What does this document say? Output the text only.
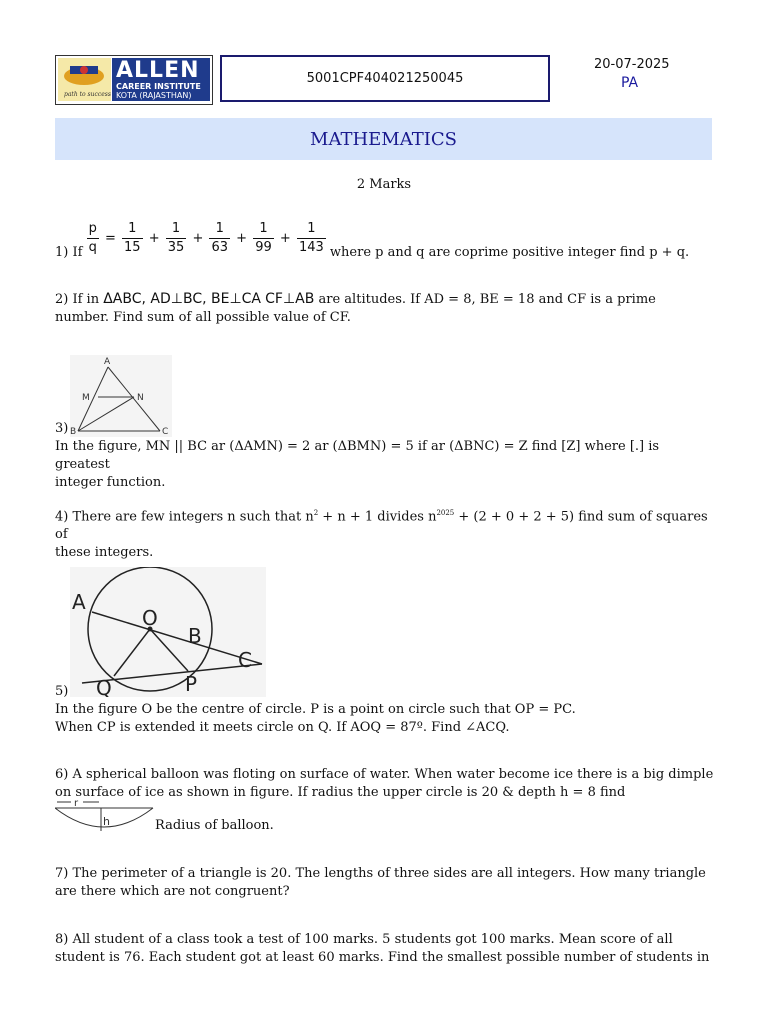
path to success
ALLEN
CAREER INSTITUTE
KOTA (RAJASTHAN)
5001CPF404021250045
20-07-2025
PA
MATHEMATICS
2 Marks
1) If $\frac{p}{q} = \frac{1}{15} + \frac{1}{35} + \frac{1}{63} + \frac{1}{99} + \frac{1}{143}$ where p and q are coprime positive integer find p + q.
2) If in ΔABC, AD⊥BC, BE⊥CA CF⊥AB are altitudes. If AD = 8, BE = 18 and CF is a prime
number. Find sum of all possible value of CF.
A
M	N
B	C
3)
In the figure, MN || BC ar (ΔAMN) = 2 ar (ΔBMN) = 5 if ar (ΔBNC) = Z find [Z] where [.] is greatest
integer function.
4) There are few integers n such that $n^2 + n + 1$ divides $n^{2025} + (2 + 0 + 2 + 5)$ find sum of squares of
these integers.
A
O
B
C
Q	P
5)
In the figure O be the centre of circle. P is a point on circle such that OP = PC.
When CP is extended it meets circle on Q. If AOQ = 87º. Find ∠ACQ.
6) A spherical balloon was floting on surface of water. When water become ice there is a big dimple
on surface of ice as shown in figure. If radius the upper circle is 20 & depth h = 8 find
r
h	Radius of balloon.
7) The perimeter of a triangle is 20. The lengths of three sides are all integers. How many triangle
are there which are not congruent?
8) All student of a class took a test of 100 marks. 5 students got 100 marks. Mean score of all
student is 76. Each student got at least 60 marks. Find the smallest possible number of students in
